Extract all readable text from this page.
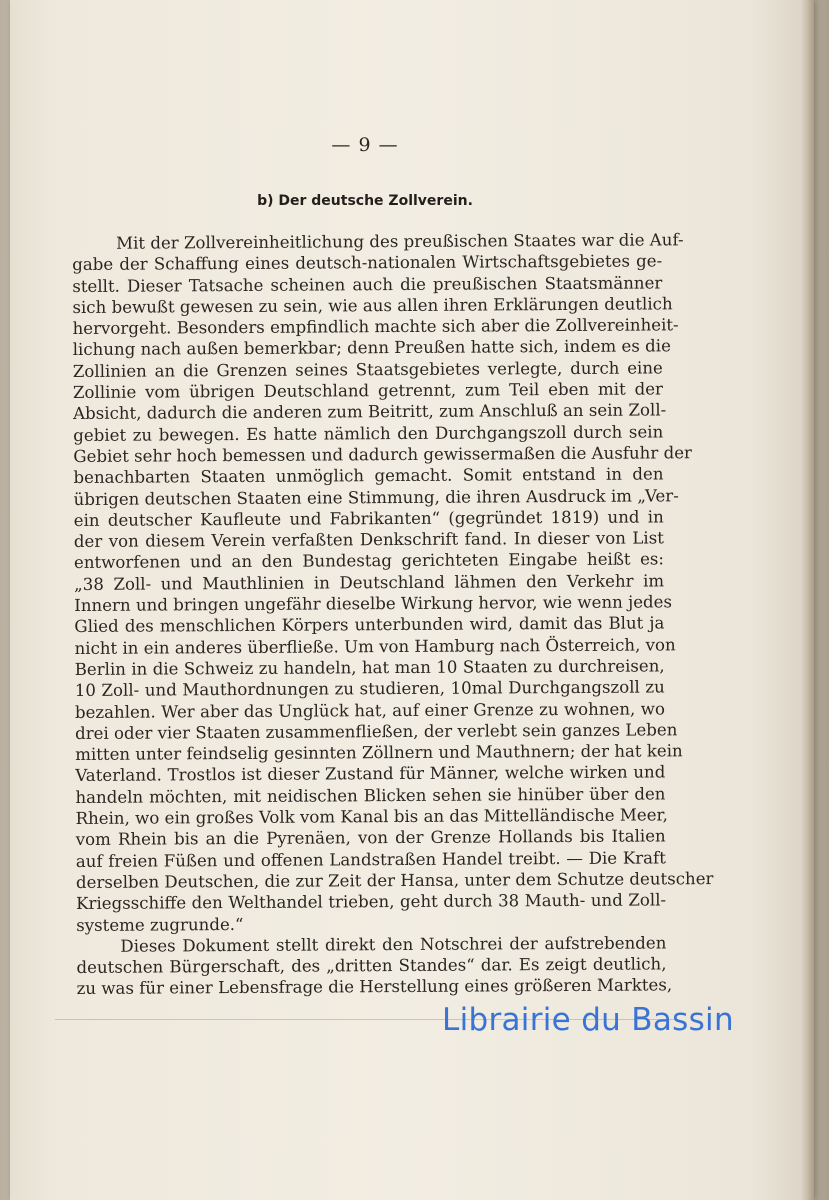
— 9 —
b) Der deutsche Zollverein.
Mit der Zollvereinheitlichung des preußischen Staates war die Auf-
gabe der Schaffung eines deutsch-nationalen Wirtschaftsgebietes ge-
stellt. Dieser Tatsache scheinen auch die preußischen Staatsmänner
sich bewußt gewesen zu sein, wie aus allen ihren Erklärungen deutlich
hervorgeht. Besonders empfindlich machte sich aber die Zollvereinheit-
lichung nach außen bemerkbar; denn Preußen hatte sich, indem es die
Zollinien an die Grenzen seines Staatsgebietes verlegte, durch eine
Zollinie vom übrigen Deutschland getrennt, zum Teil eben mit der
Absicht, dadurch die anderen zum Beitritt, zum Anschluß an sein Zoll-
gebiet zu bewegen. Es hatte nämlich den Durchgangszoll durch sein
Gebiet sehr hoch bemessen und dadurch gewissermaßen die Ausfuhr der
benachbarten Staaten unmöglich gemacht. Somit entstand in den
übrigen deutschen Staaten eine Stimmung, die ihren Ausdruck im „Ver-
ein deutscher Kaufleute und Fabrikanten“ (gegründet 1819) und in
der von diesem Verein verfaßten Denkschrift fand. In dieser von List
entworfenen und an den Bundestag gerichteten Eingabe heißt es:
„38 Zoll- und Mauthlinien in Deutschland lähmen den Verkehr im
Innern und bringen ungefähr dieselbe Wirkung hervor, wie wenn jedes
Glied des menschlichen Körpers unterbunden wird, damit das Blut ja
nicht in ein anderes überfließe. Um von Hamburg nach Österreich, von
Berlin in die Schweiz zu handeln, hat man 10 Staaten zu durchreisen,
10 Zoll- und Mauthordnungen zu studieren, 10mal Durchgangszoll zu
bezahlen. Wer aber das Unglück hat, auf einer Grenze zu wohnen, wo
drei oder vier Staaten zusammenfließen, der verlebt sein ganzes Leben
mitten unter feindselig gesinnten Zöllnern und Mauthnern; der hat kein
Vaterland. Trostlos ist dieser Zustand für Männer, welche wirken und
handeln möchten, mit neidischen Blicken sehen sie hinüber über den
Rhein, wo ein großes Volk vom Kanal bis an das Mittelländische Meer,
vom Rhein bis an die Pyrenäen, von der Grenze Hollands bis Italien
auf freien Füßen und offenen Landstraßen Handel treibt. — Die Kraft
derselben Deutschen, die zur Zeit der Hansa, unter dem Schutze deutscher
Kriegsschiffe den Welthandel trieben, geht durch 38 Mauth- und Zoll-
systeme zugrunde.“
Dieses Dokument stellt direkt den Notschrei der aufstrebenden
deutschen Bürgerschaft, des „dritten Standes“ dar. Es zeigt deutlich,
zu was für einer Lebensfrage die Herstellung eines größeren Marktes,
Librairie du Bassin
